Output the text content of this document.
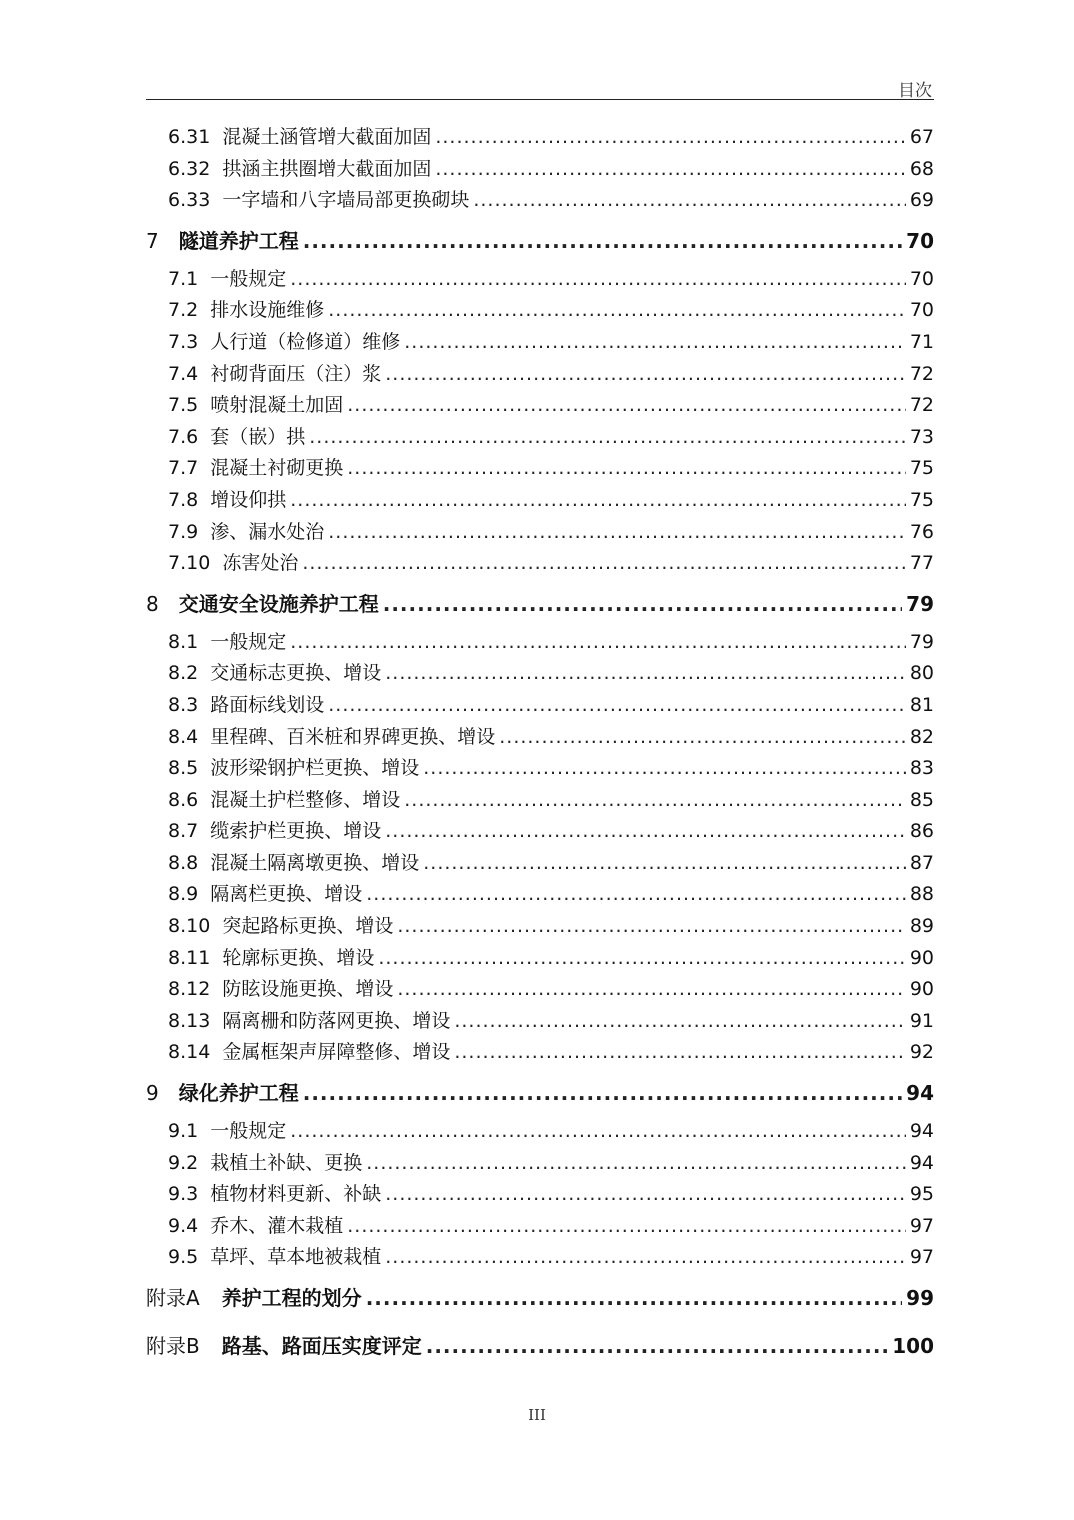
目次
6.31 混凝土涵管增大截面加固 .....	67
6.32 拱涵主拱圈增大截面加固 .....	68
6.33 一字墙和八字墙局部更换砌块 .....	69
7 隧道养护工程 .....	70
7.1 一般规定 .....	70
7.2 排水设施维修 .....	70
7.3 人行道（检修道）维修 .....	71
7.4 衬砌背面压（注）浆 .....	72
7.5 喷射混凝土加固 .....	72
7.6 套（嵌）拱 .....	73
7.7 混凝土衬砌更换 .....	75
7.8 增设仰拱 .....	75
7.9 渗、漏水处治 .....	76
7.10 冻害处治 .....	77
8 交通安全设施养护工程 .....	79
8.1 一般规定 .....	79
8.2 交通标志更换、增设 .....	80
8.3 路面标线划设 .....	81
8.4 里程碑、百米桩和界碑更换、增设 .....	82
8.5 波形梁钢护栏更换、增设 .....	83
8.6 混凝土护栏整修、增设 .....	85
8.7 缆索护栏更换、增设 .....	86
8.8 混凝土隔离墩更换、增设 .....	87
8.9 隔离栏更换、增设 .....	88
8.10 突起路标更换、增设 .....	89
8.11 轮廓标更换、增设 .....	90
8.12 防眩设施更换、增设 .....	90
8.13 隔离栅和防落网更换、增设 .....	91
8.14 金属框架声屏障整修、增设 .....	92
9 绿化养护工程 .....	94
9.1 一般规定 .....	94
9.2 栽植土补缺、更换 .....	94
9.3 植物材料更新、补缺 .....	95
9.4 乔木、灌木栽植 .....	97
9.5 草坪、草本地被栽植 .....	97
附录A 养护工程的划分 .....	99
附录B 路基、路面压实度评定 .....	100
III
